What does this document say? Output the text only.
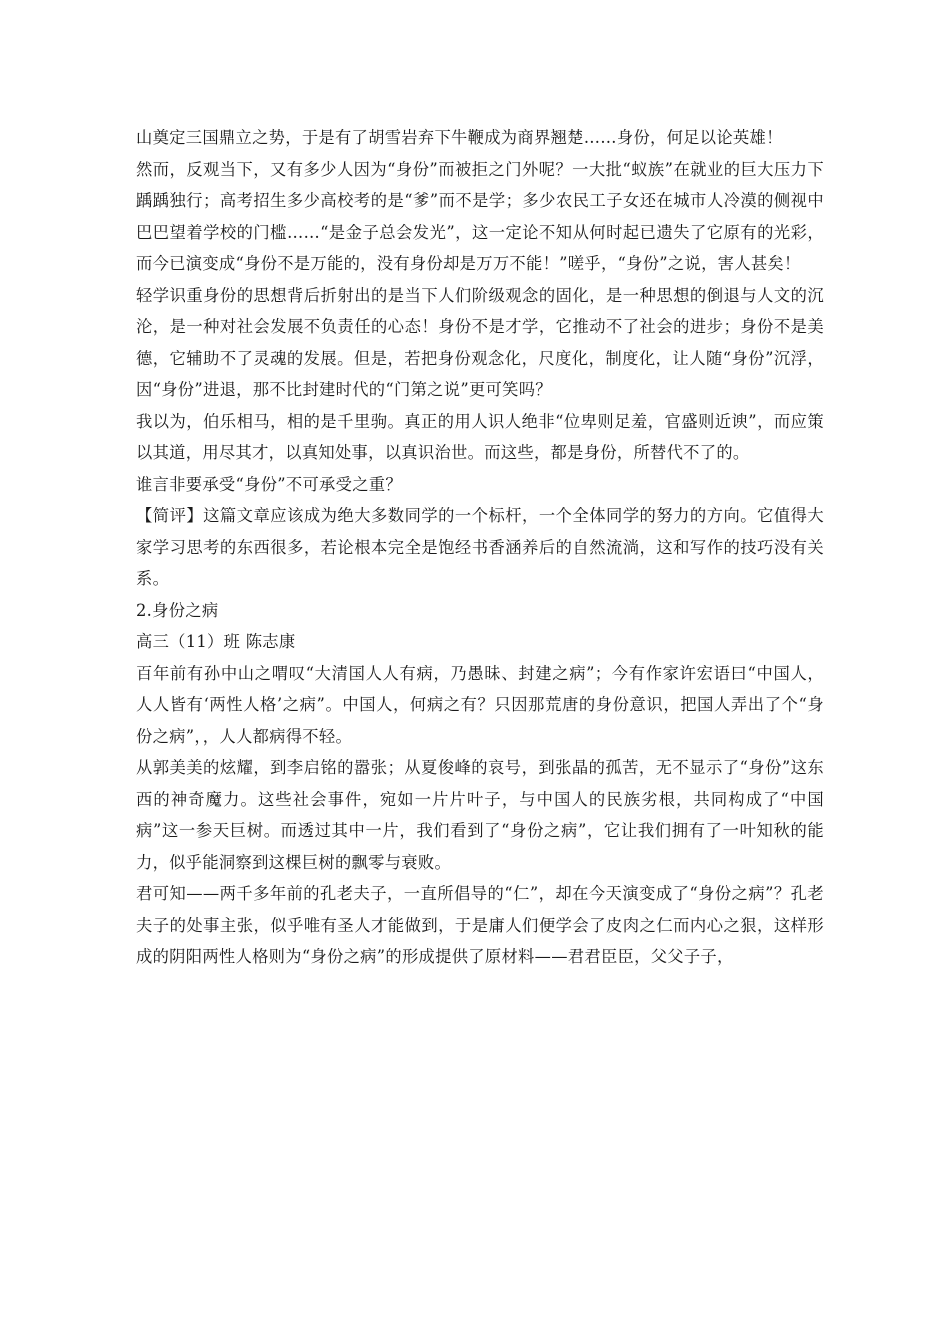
山奠定三国鼎立之势，于是有了胡雪岩弃下牛鞭成为商界翘楚……身份，何足以论英雄！

然而，反观当下，又有多少人因为“身份”而被拒之门外呢？一大批“蚁族”在就业的巨大压力下踽踽独行；高考招生多少高校考的是“爹”而不是学；多少农民工子女还在城市人冷漠的侧视中巴巴望着学校的门槛……“是金子总会发光”，这一定论不知从何时起已遗失了它原有的光彩，而今已演变成“身份不是万能的，没有身份却是万万不能！”嗟乎，“身份”之说，害人甚矣！

轻学识重身份的思想背后折射出的是当下人们阶级观念的固化，是一种思想的倒退与人文的沉沦，是一种对社会发展不负责任的心态！身份不是才学，它推动不了社会的进步；身份不是美德，它辅助不了灵魂的发展。但是，若把身份观念化，尺度化，制度化，让人随“身份”沉浮，因“身份”进退，那不比封建时代的“门第之说”更可笑吗？

我以为，伯乐相马，相的是千里驹。真正的用人识人绝非“位卑则足羞，官盛则近谀”，而应策以其道，用尽其才，以真知处事，以真识治世。而这些，都是身份，所替代不了的。

谁言非要承受“身份”不可承受之重？

【简评】这篇文章应该成为绝大多数同学的一个标杆，一个全体同学的努力的方向。它值得大家学习思考的东西很多，若论根本完全是饱经书香涵养后的自然流淌，这和写作的技巧没有关系。

2.身份之病

高三（11）班 陈志康

百年前有孙中山之喟叹“大清国人人有病，乃愚昧、封建之病”；今有作家许宏语曰“中国人，人人皆有‘两性人格’之病”。中国人，何病之有？只因那荒唐的身份意识，把国人弄出了个“身份之病”，，人人都病得不轻。

从郭美美的炫耀，到李启铭的嚣张；从夏俊峰的哀号，到张晶的孤苦，无不显示了“身份”这东西的神奇魔力。这些社会事件，宛如一片片叶子，与中国人的民族劣根，共同构成了“中国病”这一参天巨树。而透过其中一片，我们看到了“身份之病”，它让我们拥有了一叶知秋的能力，似乎能洞察到这棵巨树的飘零与衰败。

君可知——两千多年前的孔老夫子，一直所倡导的“仁”，却在今天演变成了“身份之病”？孔老夫子的处事主张，似乎唯有圣人才能做到，于是庸人们便学会了皮肉之仁而内心之狠，这样形成的阴阳两性人格则为“身份之病”的形成提供了原材料——君君臣臣，父父子子，
